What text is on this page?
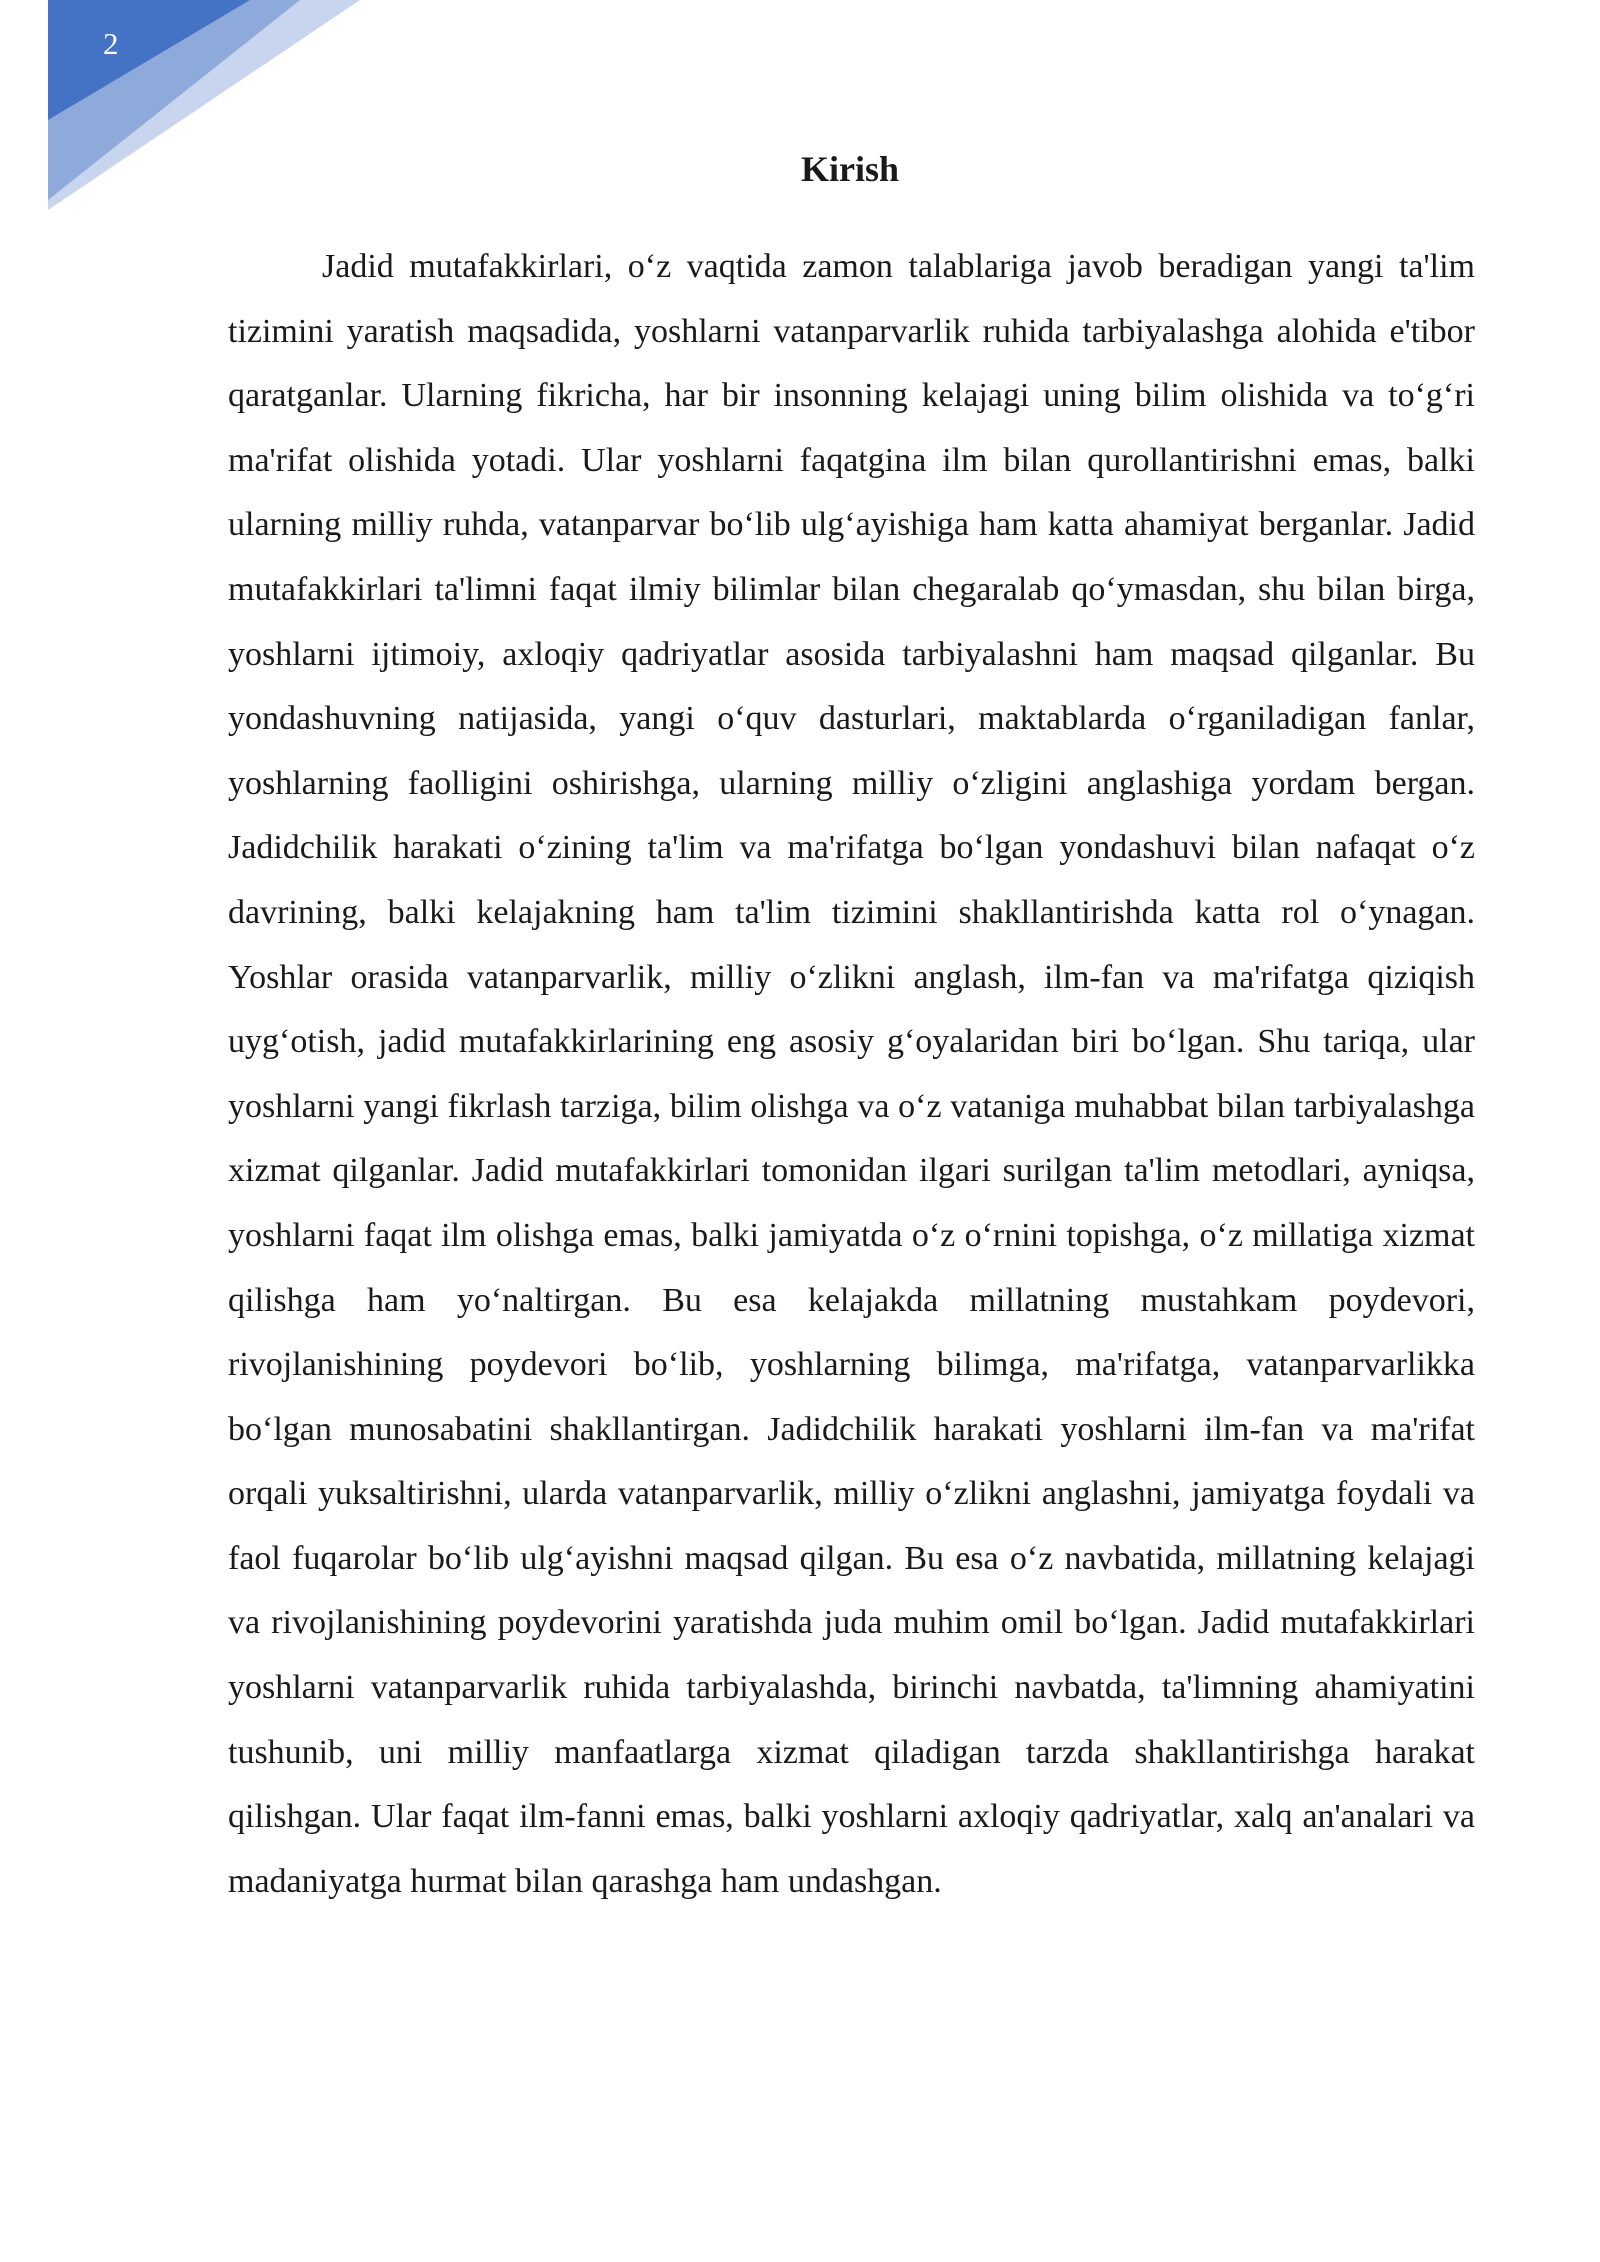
2
Kirish

Jadid mutafakkirlari, o‘z vaqtida zamon talablariga javob beradigan yangi ta'lim tizimini yaratish maqsadida, yoshlarni vatanparvarlik ruhida tarbiyalashga alohida e'tibor qaratganlar. Ularning fikricha, har bir insonning kelajagi uning bilim olishida va to‘g‘ri ma'rifat olishida yotadi. Ular yoshlarni faqatgina ilm bilan qurollantirishni emas, balki ularning milliy ruhda, vatanparvar bo‘lib ulg‘ayishiga ham katta ahamiyat berganlar. Jadid mutafakkirlari ta'limni faqat ilmiy bilimlar bilan chegaralab qo‘ymasdan, shu bilan birga, yoshlarni ijtimoiy, axloqiy qadriyatlar asosida tarbiyalashni ham maqsad qilganlar. Bu yondashuvning natijasida, yangi o‘quv dasturlari, maktablarda o‘rganiladigan fanlar, yoshlarning faolligini oshirishga, ularning milliy o‘zligini anglashiga yordam bergan. Jadidchilik harakati o‘zining ta'lim va ma'rifatga bo‘lgan yondashuvi bilan nafaqat o‘z davrining, balki kelajakning ham ta'lim tizimini shakllantirishda katta rol o‘ynagan. Yoshlar orasida vatanparvarlik, milliy o‘zlikni anglash, ilm-fan va ma'rifatga qiziqish uyg‘otish, jadid mutafakkirlarining eng asosiy g‘oyalaridan biri bo‘lgan. Shu tariqa, ular yoshlarni yangi fikrlash tarziga, bilim olishga va o‘z vataniga muhabbat bilan tarbiyalashga xizmat qilganlar. Jadid mutafakkirlari tomonidan ilgari surilgan ta'lim metodlari, ayniqsa, yoshlarni faqat ilm olishga emas, balki jamiyatda o‘z o‘rnini topishga, o‘z millatiga xizmat qilishga ham yo‘naltirgan. Bu esa kelajakda millatning mustahkam poydevori, rivojlanishining poydevori bo‘lib, yoshlarning bilimga, ma'rifatga, vatanparvarlikka bo‘lgan munosabatini shakllantirgan. Jadidchilik harakati yoshlarni ilm-fan va ma'rifat orqali yuksaltirishni, ularda vatanparvarlik, milliy o‘zlikni anglashni, jamiyatga foydali va faol fuqarolar bo‘lib ulg‘ayishni maqsad qilgan. Bu esa o‘z navbatida, millatning kelajagi va rivojlanishining poydevorini yaratishda juda muhim omil bo‘lgan. Jadid mutafakkirlari yoshlarni vatanparvarlik ruhida tarbiyalashda, birinchi navbatda, ta'limning ahamiyatini tushunib, uni milliy manfaatlarga xizmat qiladigan tarzda shakllantirishga harakat qilishgan. Ular faqat ilm-fanni emas, balki yoshlarni axloqiy qadriyatlar, xalq an'analari va madaniyatga hurmat bilan qarashga ham undashgan.
